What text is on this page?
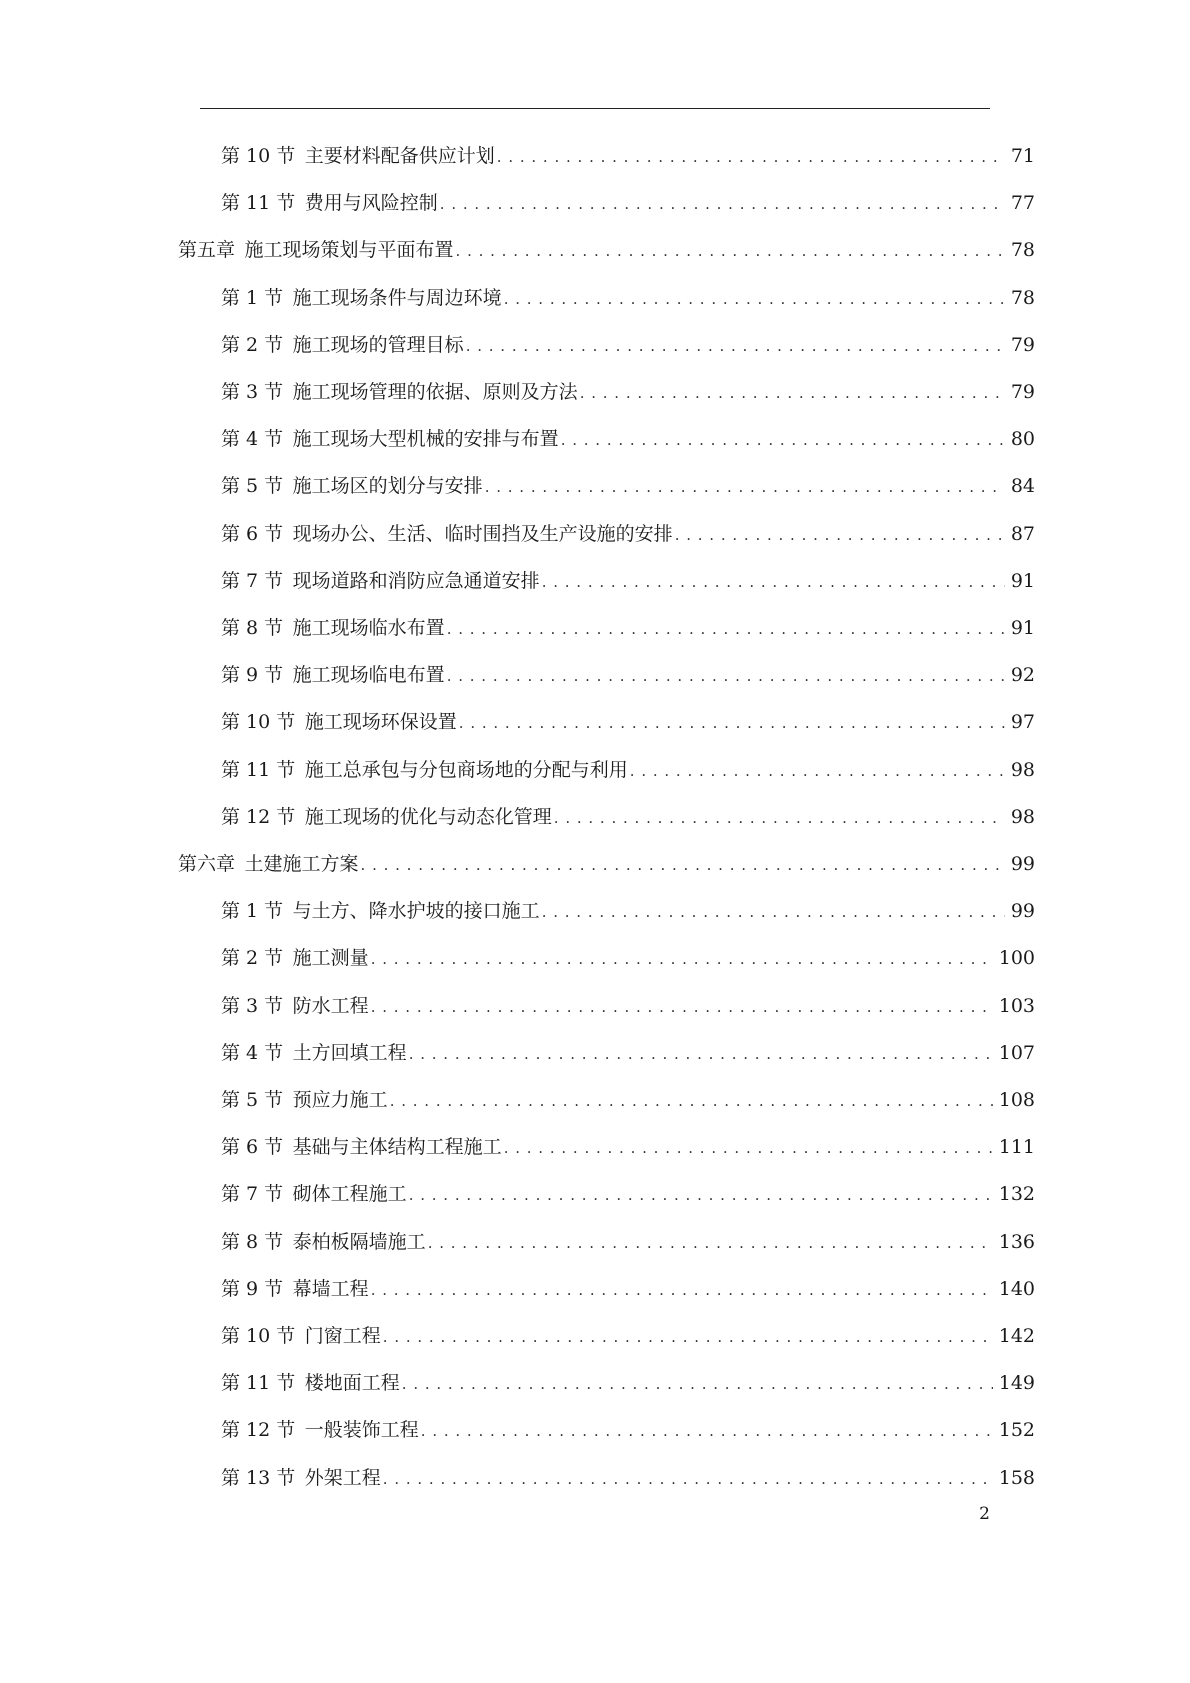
第 10 节  主要材料配备供应计划 . . .	71
第 11 节  费用与风险控制 . . .	77
第五章  施工现场策划与平面布置 . . .	78
第 1 节  施工现场条件与周边环境 . . .	78
第 2 节  施工现场的管理目标 . . .	79
第 3 节  施工现场管理的依据、原则及方法 . . .	79
第 4 节  施工现场大型机械的安排与布置 . . .	80
第 5 节  施工场区的划分与安排 . . .	84
第 6 节  现场办公、生活、临时围挡及生产设施的安排 . . .	87
第 7 节  现场道路和消防应急通道安排 . . .	91
第 8 节  施工现场临水布置 . . .	91
第 9 节  施工现场临电布置 . . .	92
第 10 节  施工现场环保设置 . . .	97
第 11 节  施工总承包与分包商场地的分配与利用 . . .	98
第 12 节  施工现场的优化与动态化管理 . . .	98
第六章  土建施工方案 . . .	99
第 1 节  与土方、降水护坡的接口施工 . . .	99
第 2 节  施工测量 . . .	100
第 3 节  防水工程 . . .	103
第 4 节  土方回填工程 . . .	107
第 5 节  预应力施工 . . .	108
第 6 节  基础与主体结构工程施工 . . .	111
第 7 节  砌体工程施工 . . .	132
第 8 节  泰柏板隔墙施工 . . .	136
第 9 节  幕墙工程 . . .	140
第 10 节  门窗工程 . . .	142
第 11 节  楼地面工程 . . .	149
第 12 节  一般装饰工程 . . .	152
第 13 节  外架工程 . . .	158
2
